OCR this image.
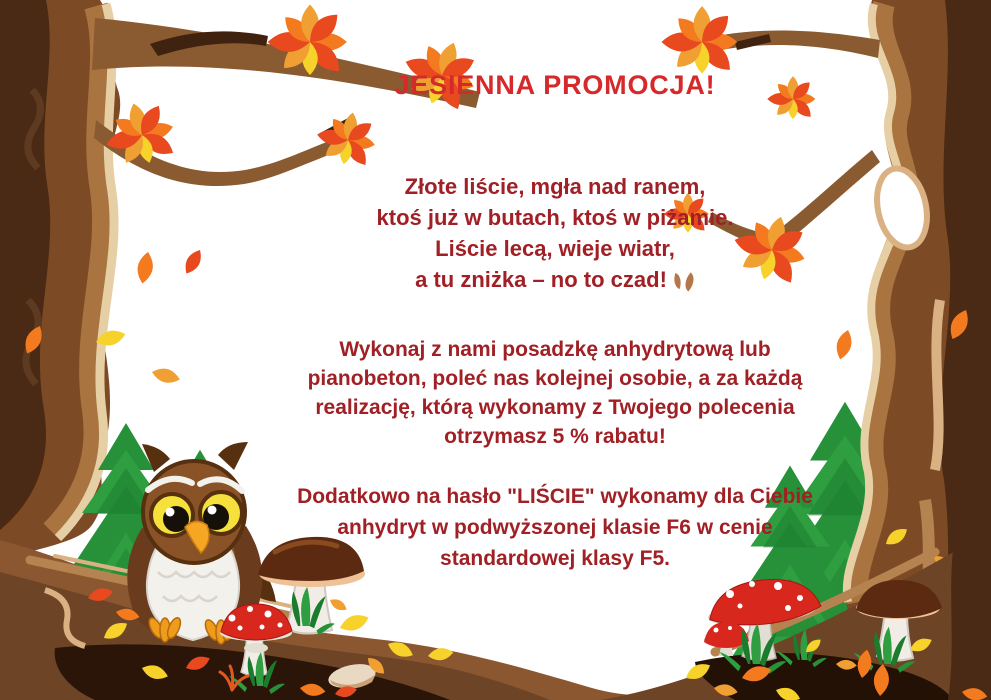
JESIENNA PROMOCJA!
Złote liście, mgła nad ranem,
ktoś już w butach, ktoś w piżamie.
Liście lecą, wieje wiatr,
a tu zniżka – no to czad!
Wykonaj z nami posadzkę anhydrytową lub
pianobeton, poleć nas kolejnej osobie, a za każdą
realizację, którą wykonamy z Twojego polecenia
otrzymasz 5 % rabatu!
Dodatkowo na hasło "LIŚCIE" wykonamy dla Ciebie
anhydryt w podwyższonej klasie F6 w cenie
standardowej klasy F5.
